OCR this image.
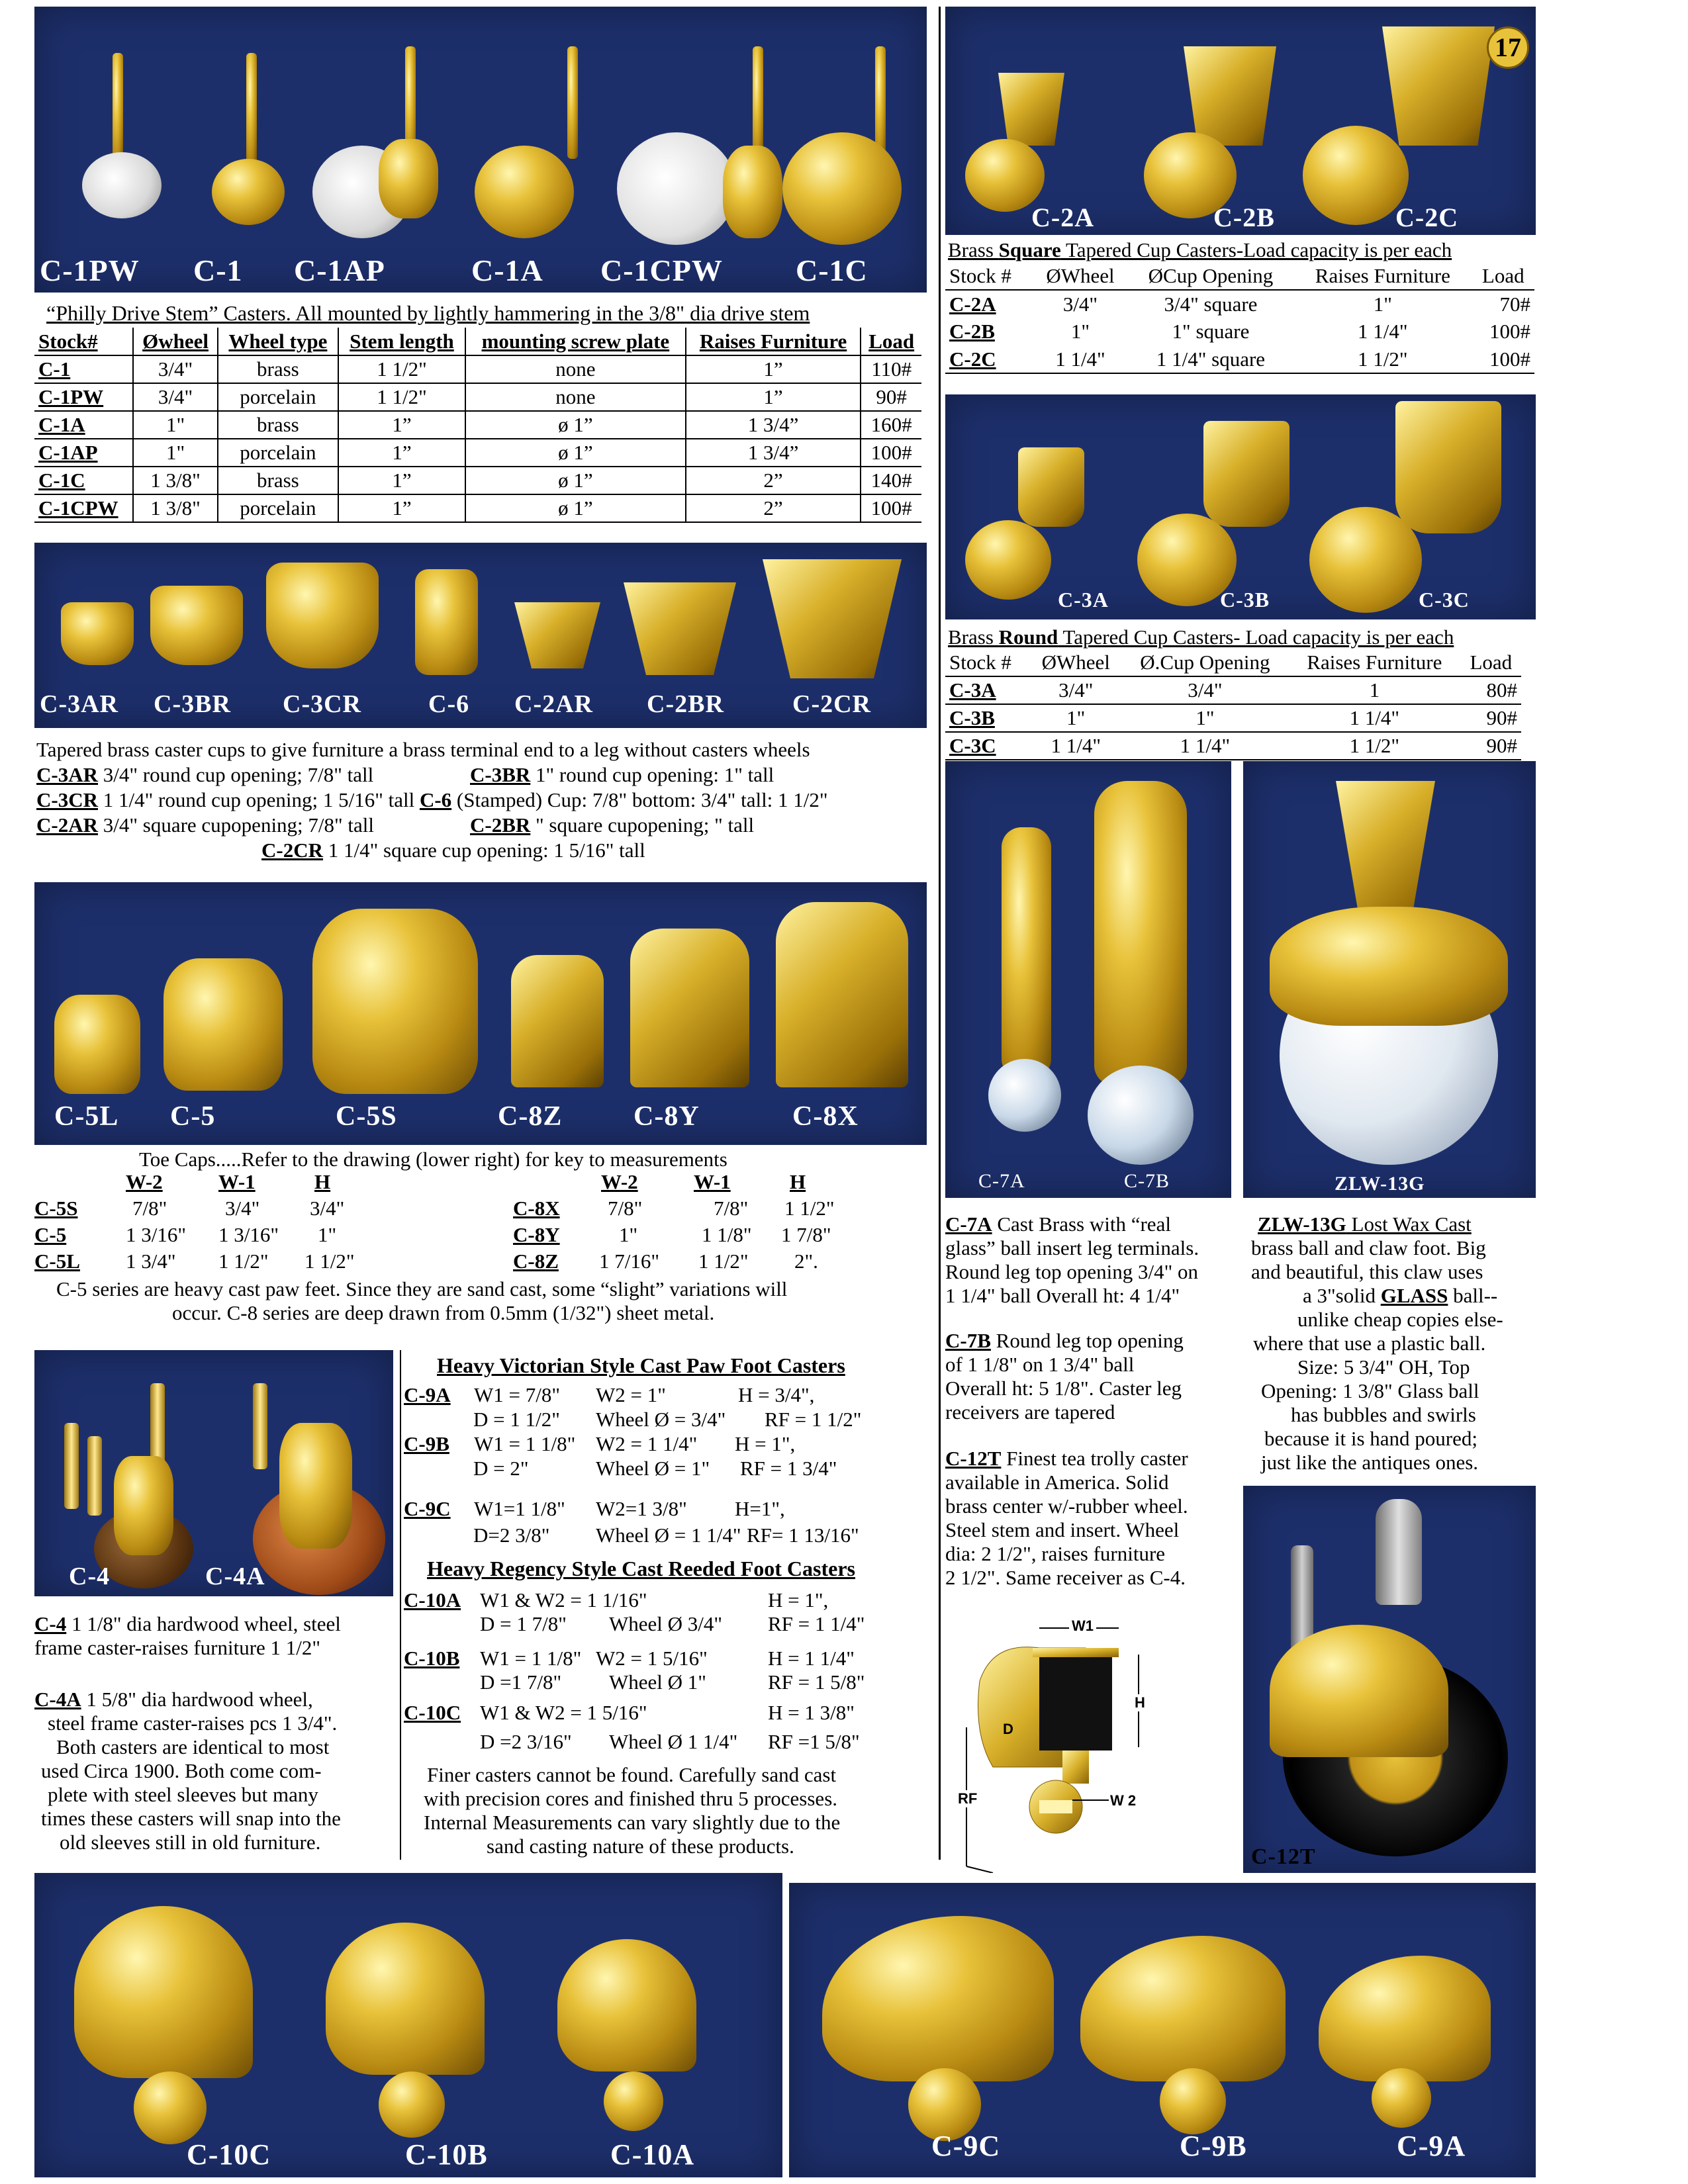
C-1PW C-1 C-1AP	C-1A C-1CPW C-1C
“Philly Drive Stem” Casters. All mounted by lightly hammering in the 3/8" dia drive stem
Stock#	Øwheel	Wheel type	Stem length	mounting screw plate	Raises Furniture	Load
C-1	3/4"	brass	1 1/2"	none	1”	110#
C-1PW	3/4"	porcelain	1 1/2"	none	1”	90#
C-1A	1"	brass	1”	ø 1”	1 3/4”	160#
C-1AP	1"	porcelain	1”	ø 1”	1 3/4”	100#
C-1C	1 3/8"	brass	1”	ø 1”	2”	140#
C-1CPW	1 3/8"	porcelain	1”	ø 1”	2”	100#
C-2A	C-2B	C-2C
17
Brass Square Tapered Cup Casters-Load capacity is per each
Stock #	ØWheel	ØCup Opening	Raises Furniture	Load
C-2A	3/4"	3/4" square	1"	70#
C-2B	1"	1" square	1 1/4"	100#
C-2C	1 1/4"	1 1/4" square	1 1/2"	100#
C-3A	C-3B	C-3C
Brass Round Tapered Cup Casters- Load capacity is per each
Stock #	ØWheel	Ø.Cup Opening	Raises Furniture	Load
C-3A	3/4"	3/4"	1	80#
C-3B	1"	1"	1 1/4"	90#
C-3C	1 1/4"	1 1/4"	1 1/2"	90#
C-3AR C-3BR C-3CR	C-6 C-2AR C-2BR	C-2CR
Tapered brass caster cups to give furniture a brass terminal end to a leg without casters wheels
C-3AR 3/4" round cup opening; 7/8" tall	C-3BR 1" round cup opening: 1" tall
C-3CR 1 1/4" round cup opening; 1 5/16" tall C-6 (Stamped) Cup: 7/8" bottom: 3/4" tall: 1 1/2"
C-2AR 3/4" square cupopening; 7/8" tall	C-2BR " square cupopening; " tall
C-2CR 1 1/4" square cup opening: 1 5/16" tall
C-5L C-5	C-5S	C-8Z	C-8Y	C-8X
Toe Caps.....Refer to the drawing (lower right) for key to measurements
W-2	W-1	H
C-5S	7/8"	3/4" 3/4"
C-5	1 3/16" 1 3/16" 1"
C-5L 1 3/4" 1 1/2" 1 1/2"
W-2	W-1	H
C-8X 7/8"	7/8" 1 1/2"
C-8Y	1"	1 1/8" 1 7/8"
C-8Z 1 7/16" 1 1/2" 2".
C-5 series are heavy cast paw feet. Since they are sand cast, some “slight” variations will
occur. C-8 series are deep drawn from 0.5mm (1/32") sheet metal.
C-7A	C-7B
C-7A Cast Brass with “real
glass” ball insert leg terminals.
Round leg top opening 3/4" on
1 1/4" ball Overall ht: 4 1/4"
C-7B Round leg top opening
of 1 1/8" on 1 3/4" ball
Overall ht: 5 1/8". Caster leg
receivers are tapered
ZLW-13G
ZLW-13G Lost Wax Cast
brass ball and claw foot. Big
and beautiful, this claw uses
a 3"solid GLASS ball--
unlike cheap copies else-
where that use a plastic ball.
Size: 5 3/4" OH, Top
Opening: 1 3/8" Glass ball
has bubbles and swirls
because it is hand poured;
just like the antiques ones.
C-12T Finest tea trolly caster
available in America. Solid
brass center w/-rubber wheel.
Steel stem and insert. Wheel
dia: 2 1/2", raises furniture
2 1/2". Same receiver as C-4.
C-12T
W1
H
D
RF	W 2
C-4	C-4A
C-4 1 1/8" dia hardwood wheel, steel
frame caster-raises furniture 1 1/2"
C-4A 1 5/8" dia hardwood wheel,
steel frame caster-raises pcs 1 3/4".
Both casters are identical to most
used Circa 1900. Both come com-
plete with steel sleeves but many
times these casters will snap into the
old sleeves still in old furniture.
Heavy Victorian Style Cast Paw Foot Casters
C-9A W1 = 7/8" W2 = 1"	H = 3/4",
D = 1 1/2" Wheel Ø = 3/4" RF = 1 1/2"
C-9B W1 = 1 1/8" W2 = 1 1/4" H = 1",
D = 2"	Wheel Ø = 1" RF = 1 3/4"
C-9C W1=1 1/8" W2=1 3/8" H=1",
D=2 3/8" Wheel Ø = 1 1/4" RF= 1 13/16"
Heavy Regency Style Cast Reeded Foot Casters
C-10A W1 & W2 = 1 1/16"	H = 1",
D = 1 7/8" Wheel Ø 3/4" RF = 1 1/4"
C-10B W1 = 1 1/8" W2 = 1 5/16"	H = 1 1/4"
D =1 7/8" Wheel Ø 1"	RF = 1 5/8"
C-10C W1 & W2 = 1 5/16"	H = 1 3/8"
D =2 3/16" Wheel Ø 1 1/4" RF =1 5/8"
Finer casters cannot be found. Carefully sand cast
with precision cores and finished thru 5 processes.
Internal Measurements can vary slightly due to the
sand casting nature of these products.
C-10C	C-10B	C-10A	C-9C	C-9B	C-9A
